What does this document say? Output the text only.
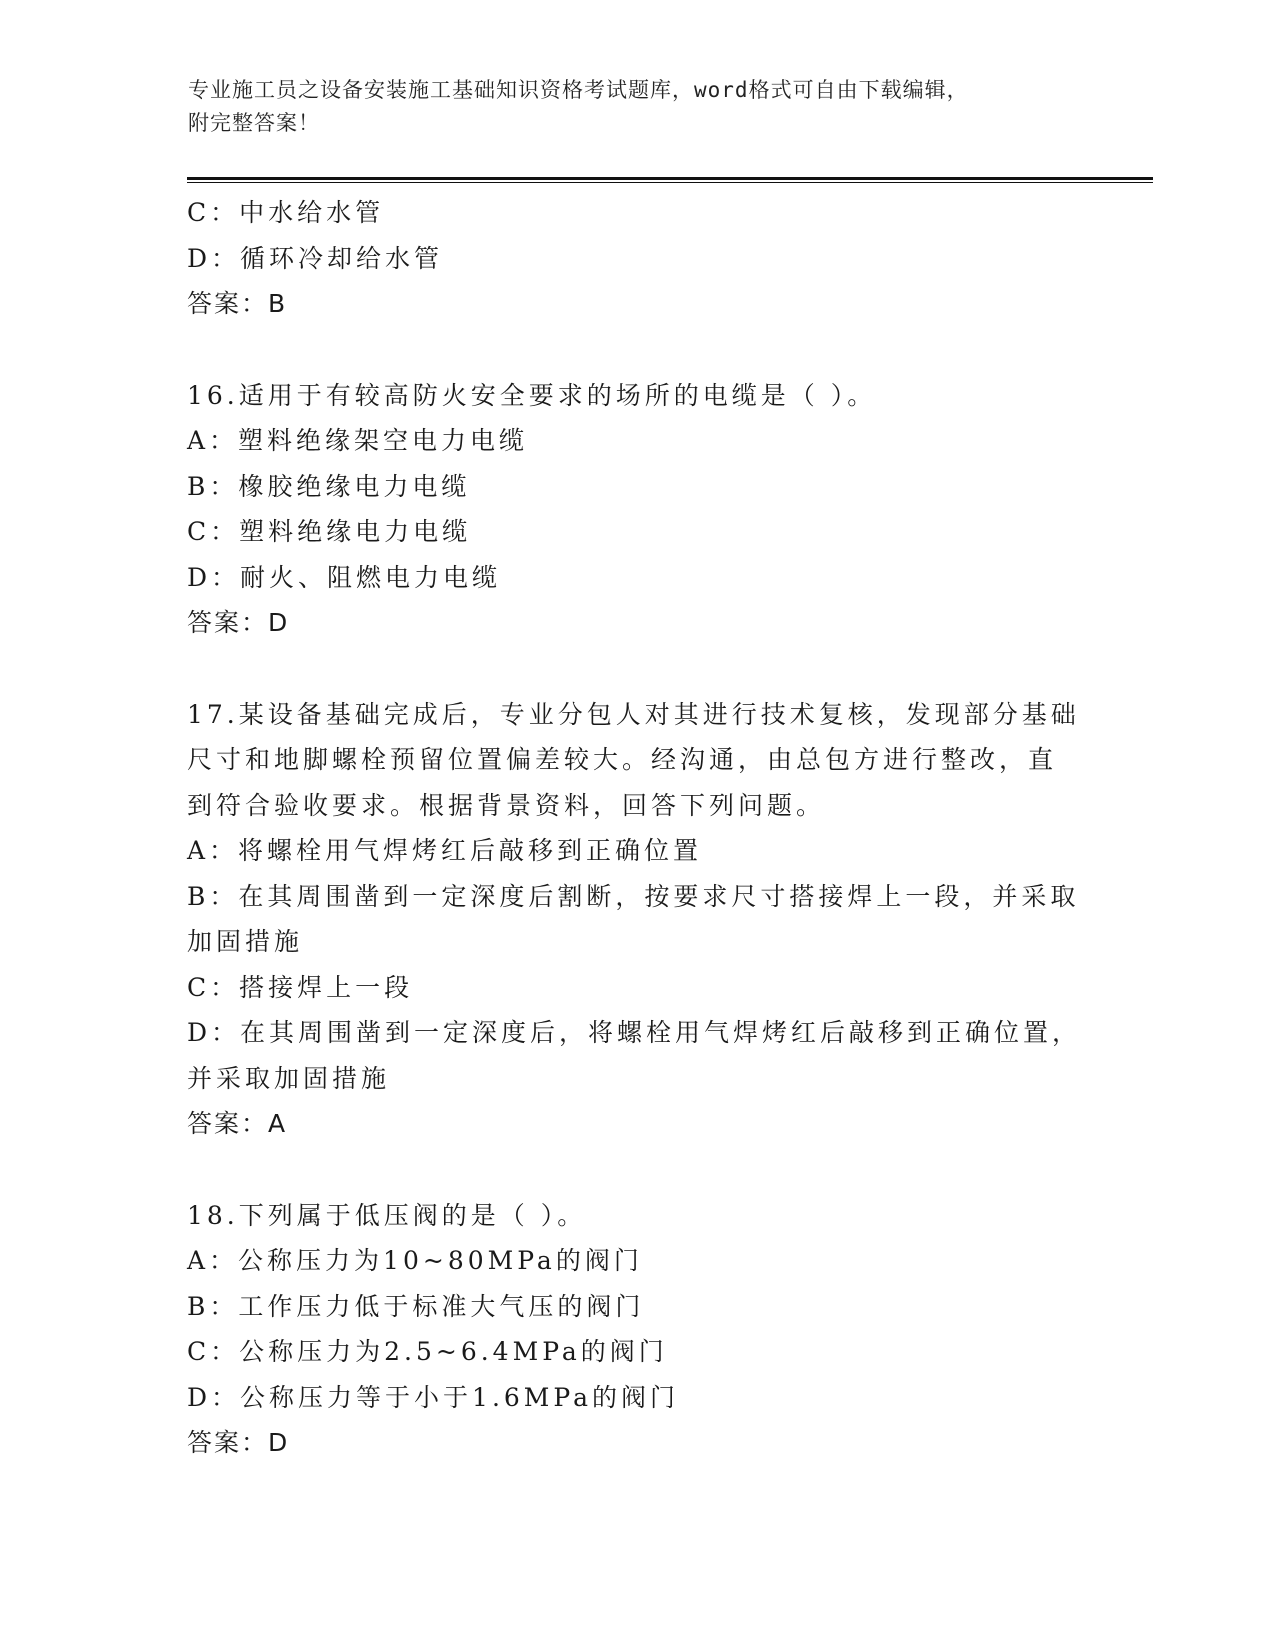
专业施工员之设备安装施工基础知识资格考试题库，word格式可自由下载编辑，
附完整答案！
C：中水给水管
D：循环冷却给水管
答案：B
16.适用于有较高防火安全要求的场所的电缆是（ ）。
A：塑料绝缘架空电力电缆
B：橡胶绝缘电力电缆
C：塑料绝缘电力电缆
D：耐火、阻燃电力电缆
答案：D
17.某设备基础完成后，专业分包人对其进行技术复核，发现部分基础
尺寸和地脚螺栓预留位置偏差较大。经沟通，由总包方进行整改，直
到符合验收要求。根据背景资料，回答下列问题。
A：将螺栓用气焊烤红后敲移到正确位置
B：在其周围凿到一定深度后割断，按要求尺寸搭接焊上一段，并采取
加固措施
C：搭接焊上一段
D：在其周围凿到一定深度后，将螺栓用气焊烤红后敲移到正确位置，
并采取加固措施
答案：A
18.下列属于低压阀的是（ ）。
A：公称压力为10~80MPa的阀门
B：工作压力低于标准大气压的阀门
C：公称压力为2.5~6.4MPa的阀门
D：公称压力等于小于1.6MPa的阀门
答案：D
